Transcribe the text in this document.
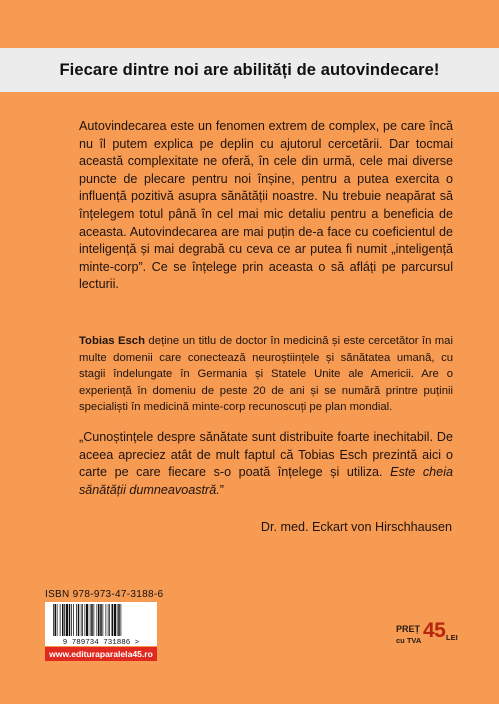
Fiecare dintre noi are abilități de autovindecare!

Autovindecarea este un fenomen extrem de complex, pe care încă nu îl putem explica pe deplin cu ajutorul cercetării. Dar tocmai această complexitate ne oferă, în cele din urmă, cele mai diverse puncte de plecare pentru noi înșine, pentru a putea exercita o influență pozitivă asupra sănătății noastre. Nu trebuie neapărat să înțelegem totul până în cel mai mic detaliu pentru a beneficia de aceasta. Autovindecarea are mai puțin de-a face cu coeficientul de inteligență și mai degrabă cu ceva ce ar putea fi numit „inteligență minte-corp”. Ce se înțelege prin aceasta o să afláți pe parcursul lecturii.

Tobias Esch deține un titlu de doctor în medicină și este cercetător în mai multe domenii care conectează neuroștiințele și sănătatea umană, cu stagii îndelungate în Germania și Statele Unite ale Americii. Are o experiență în domeniu de peste 20 de ani și se numără printre puținii specialiști în medicină minte-corp recunoscuți pe plan mondial.

„Cunoștințele despre sănătate sunt distribuite foarte inechitabil. De aceea apreciez atât de mult faptul că Tobias Esch prezintă aici o carte pe care fiecare s-o poată înțelege și utiliza. Este cheia sănătății dumneavoastră.”

Dr. med. Eckart von Hirschhausen
ISBN 978-973-47-3188-6
9 789734 731886 >
www.edituraparalela45.ro
PREȚ
cu TVA 45 LEI
